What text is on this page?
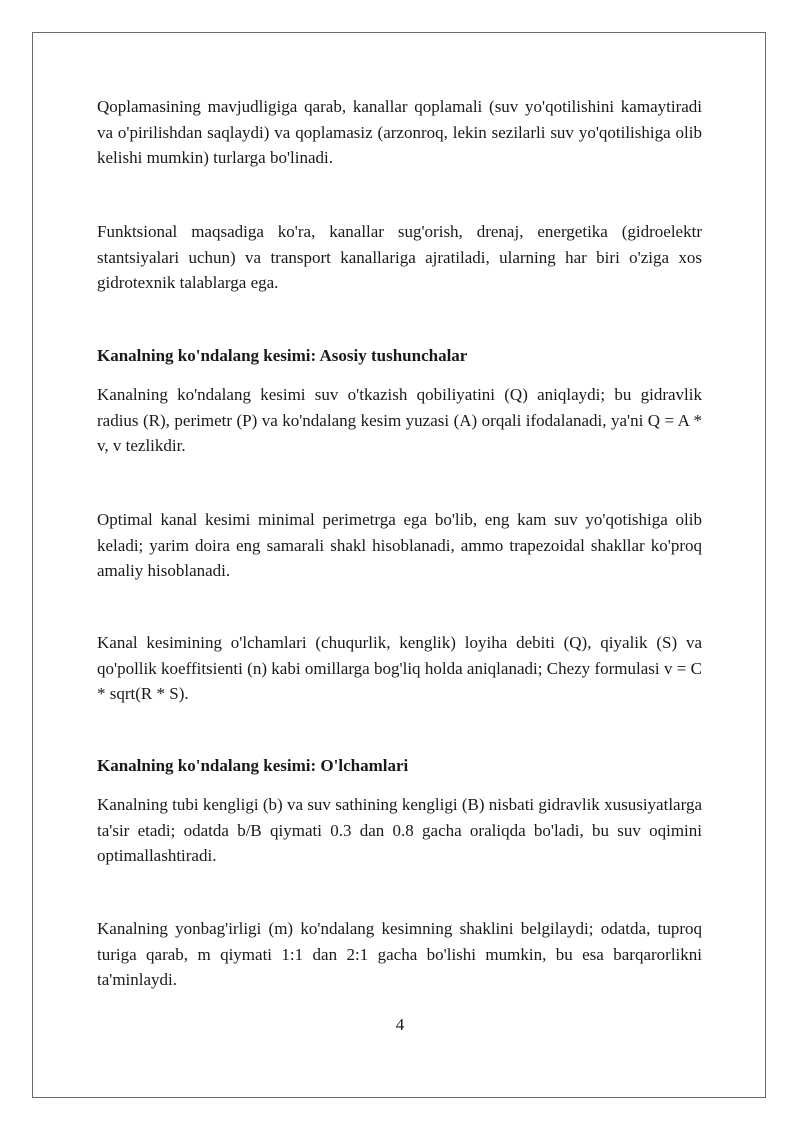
Qoplamasining mavjudligiga qarab, kanallar qoplamali (suv yo'qotilishini kamaytiradi va o'pirilishdan saqlaydi) va qoplamasiz (arzonroq, lekin sezilarli suv yo'qotilishiga olib kelishi mumkin) turlarga bo'linadi.

Funktsional maqsadiga ko'ra, kanallar sug'orish, drenaj, energetika (gidroelektr stantsiyalari uchun) va transport kanallariga ajratiladi, ularning har biri o'ziga xos gidrotexnik talablarga ega.

Kanalning ko'ndalang kesimi: Asosiy tushunchalar

Kanalning ko'ndalang kesimi suv o'tkazish qobiliyatini (Q) aniqlaydi; bu gidravlik radius (R), perimetr (P) va ko'ndalang kesim yuzasi (A) orqali ifodalanadi, ya'ni Q = A * v, v tezlikdir.

Optimal kanal kesimi minimal perimetrga ega bo'lib, eng kam suv yo'qotishiga olib keladi; yarim doira eng samarali shakl hisoblanadi, ammo trapezoidal shakllar ko'proq amaliy hisoblanadi.

Kanal kesimining o'lchamlari (chuqurlik, kenglik) loyiha debiti (Q), qiyalik (S) va qo'pollik koeffitsienti (n) kabi omillarga bog'liq holda aniqlanadi; Chezy formulasi v = C * sqrt(R * S).

Kanalning ko'ndalang kesimi: O'lchamlari

Kanalning tubi kengligi (b) va suv sathining kengligi (B) nisbati gidravlik xususiyatlarga ta'sir etadi; odatda b/B qiymati 0.3 dan 0.8 gacha oraliqda bo'ladi, bu suv oqimini optimallashtiradi.

Kanalning yonbag'irligi (m) ko'ndalang kesimning shaklini belgilaydi; odatda, tuproq turiga qarab, m qiymati 1:1 dan 2:1 gacha bo'lishi mumkin, bu esa barqarorlikni ta'minlaydi.

4
